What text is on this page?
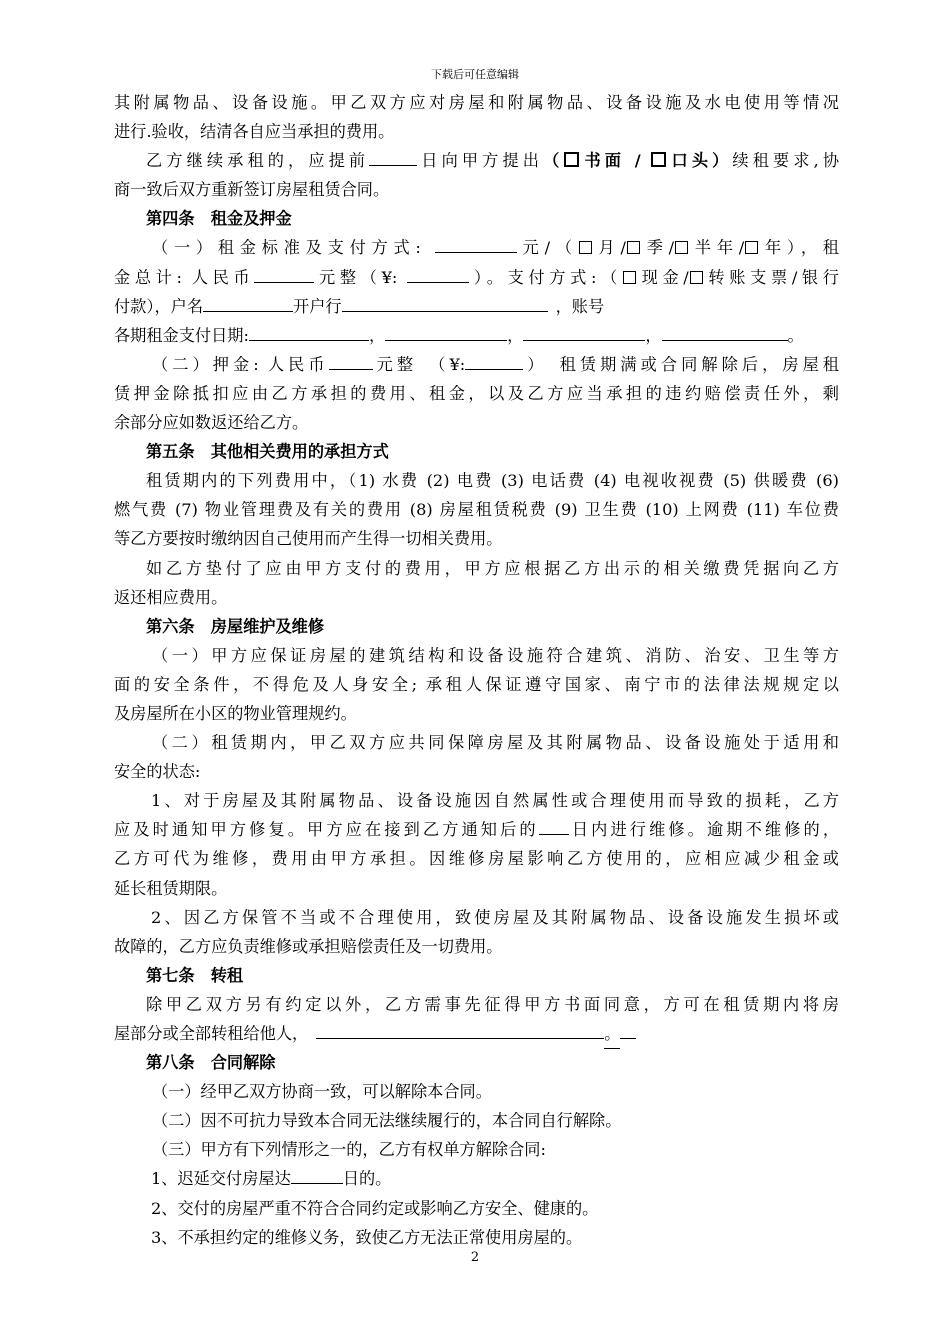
下载后可任意编辑
其附属物品、设备设施。甲乙双方应对房屋和附属物品、设备设施及水电使用等情况
进行.验收，结清各自应当承担的费用。
乙方继续承租的，应提前	日向甲方提出（ 书面 / 口头）续租要求,协
商一致后双方重新签订房屋租赁合同。
第四条　租金及押金
（一）租金标准及支付方式:	元/（ 月/ 季/ 半年/ 年），租
金总计: 人民币	元整（¥:	）。支付方式:（ 现金/ 转账支票/银行
付款），户名	开户行	，账号
各期租金支付日期:	，	，	，	。
（二）押金: 人民币	元整　（¥:	）　租赁期满或合同解除后，房屋租
赁押金除抵扣应由乙方承担的费用、租金，以及乙方应当承担的违约赔偿责任外，剩
余部分应如数返还给乙方。
第五条　其他相关费用的承担方式
租赁期内的下列费用中，（1) 水费 (2) 电费 (3) 电话费 (4) 电视收视费 (5) 供暖费 (6)
燃气费 (7) 物业管理费及有关的费用 (8) 房屋租赁税费 (9) 卫生费 (10) 上网费 (11) 车位费
等乙方要按时缴纳因自己使用而产生得一切相关费用。
如乙方垫付了应由甲方支付的费用，甲方应根据乙方出示的相关缴费凭据向乙方
返还相应费用。
第六条　房屋维护及维修
（一）甲方应保证房屋的建筑结构和设备设施符合建筑、消防、治安、卫生等方
面的安全条件，不得危及人身安全; 承租人保证遵守国家、南宁市的法律法规规定以
及房屋所在小区的物业管理规约。
（二）租赁期内，甲乙双方应共同保障房屋及其附属物品、设备设施处于适用和
安全的状态:
1、对于房屋及其附属物品、设备设施因自然属性或合理使用而导致的损耗，乙方
应及时通知甲方修复。甲方应在接到乙方通知后的 日内进行维修。逾期不维修的，
乙方可代为维修，费用由甲方承担。因维修房屋影响乙方使用的，应相应减少租金或
延长租赁期限。
2、因乙方保管不当或不合理使用，致使房屋及其附属物品、设备设施发生损坏或
故障的，乙方应负责维修或承担赔偿责任及一切费用。
第七条　转租
除甲乙双方另有约定以外，乙方需事先征得甲方书面同意，方可在租赁期内将房
屋部分或全部转租给他人，	。
第八条　合同解除
（一）经甲乙双方协商一致，可以解除本合同。
（二）因不可抗力导致本合同无法继续履行的，本合同自行解除。
（三）甲方有下列情形之一的，乙方有权单方解除合同:
1、迟延交付房屋达	日的。
2、交付的房屋严重不符合合同约定或影响乙方安全、健康的。
3、不承担约定的维修义务，致使乙方无法正常使用房屋的。
2
